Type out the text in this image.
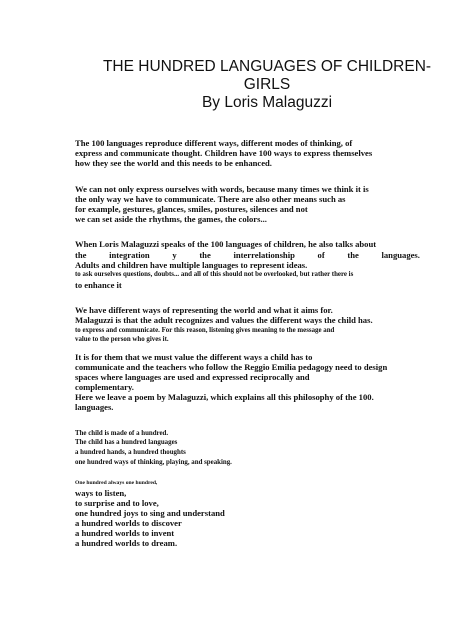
THE HUNDRED LANGUAGES OF CHILDREN-
GIRLS
By Loris Malaguzzi
The 100 languages reproduce different ways, different modes of thinking, of
express and communicate thought. Children have 100 ways to express themselves
how they see the world and this needs to be enhanced.
We can not only express ourselves with words, because many times we think it is
the only way we have to communicate. There are also other means such as
for example, gestures, glances, smiles, postures, silences and not
we can set aside the rhythms, the games, the colors...
When Loris Malaguzzi speaks of the 100 languages of children, he also talks about
the	integration	y	the	interrelationship	of	the	languages.
Adults and children have multiple languages to represent ideas.
to ask ourselves questions, doubts... and all of this should not be overlooked, but rather there is
to enhance it
We have different ways of representing the world and what it aims for.
Malaguzzi is that the adult recognizes and values the different ways the child has.
to express and communicate. For this reason, listening gives meaning to the message and
value to the person who gives it.
It is for them that we must value the different ways a child has to
communicate and the teachers who follow the Reggio Emilia pedagogy need to design
spaces where languages are used and expressed reciprocally and
complementary.
Here we leave a poem by Malaguzzi, which explains all this philosophy of the 100.
languages.
The child is made of a hundred.
The child has a hundred languages
a hundred hands, a hundred thoughts
one hundred ways of thinking, playing, and speaking.
One hundred always one hundred,
ways to listen,
to surprise and to love,
one hundred joys to sing and understand
a hundred worlds to discover
a hundred worlds to invent
a hundred worlds to dream.
